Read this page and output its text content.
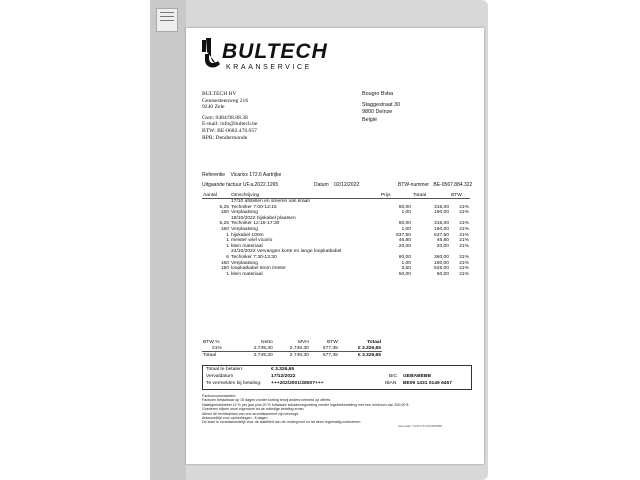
BULTECH
KRAANSERVICE
BULTECH BV
Gentsesteenweg 216
9240 Zele
Gsm: 0484/98.88.38
E-mail: info@bultech.be
BTW: BE-0682.476.657
RPR: Dendermonde
Bougro Bvba
Staggestraat 30
9800 Deinze
België
Referentie Vicarixx 172.6 Aartrijke
Uitgaande factuur UF.a.2022.1265	Datum 02/12/2022	BTW-nummer BE-0567.884.322
Aantal	Omschrijving	Prijs	Totaal	BTW
	17/10 afstellen en smeren van kraan			
5,25	Techniker 7:00-12:15	60,00	315,00	21%
160	Verplaatsing	1,00	160,00	21%
	18/10/2022 hijskabel plaatsen			
5,25	Techniker 12:15-17:30	60,00	315,00	21%
160	Verplaatsing	1,00	160,00	21%
1	hijskabel 100m	637,50	637,50	21%
1	meister wiel vicario	46,80	46,80	21%
1	klein materiaal	20,00	20,00	21%
	24/10/2022 Vervangen korte en lange loopkatkabel			
6	Techniker 7:30-13:30	60,00	360,00	21%
160	Verplaatsing	1,00	160,00	21%
150	loopkatkabel 6mm /meter	3,50	525,00	21%
1	klein materiaal	50,00	50,00	21%
BTW %	Netto	MVH	BTW	Totaal
21%	2.749,30	2.749,30	577,35	€ 3.326,65
Totaal	2.749,30	2.749,30	577,35	€ 3.326,65
Totaal te betalen:	€ 3.326,65
Vervaldatum	17/12/2022
Te vermelden bij betaling: +++202/2001/28507+++
BIC GEBABEBB
IBAN BE09 1431 0149 6457
Factuurvoorwaarden:
Facturen betaalbaar op 15 dagen zonder korting tenzij anders vermeld op offerte.
Nalatigheidsintrest 12 % per jaar plus 20 % forfaitaire schadevergoeding zonder ingebrekestelling met een minimum van 300,00 €.
Goederen blijven onze eigendom tot de volledige betaling ervan.
Alleen de rechtbanken van ons arrondissement zijn bevoegd.
Antwoordtijd voor opmerkingen : 8 dagen.
De klant is verantwoordelijk voor de stabiliteit van de ondergrond en tat deze regelmatig controleren.
Aanmaak: V13477A73C06086B6
